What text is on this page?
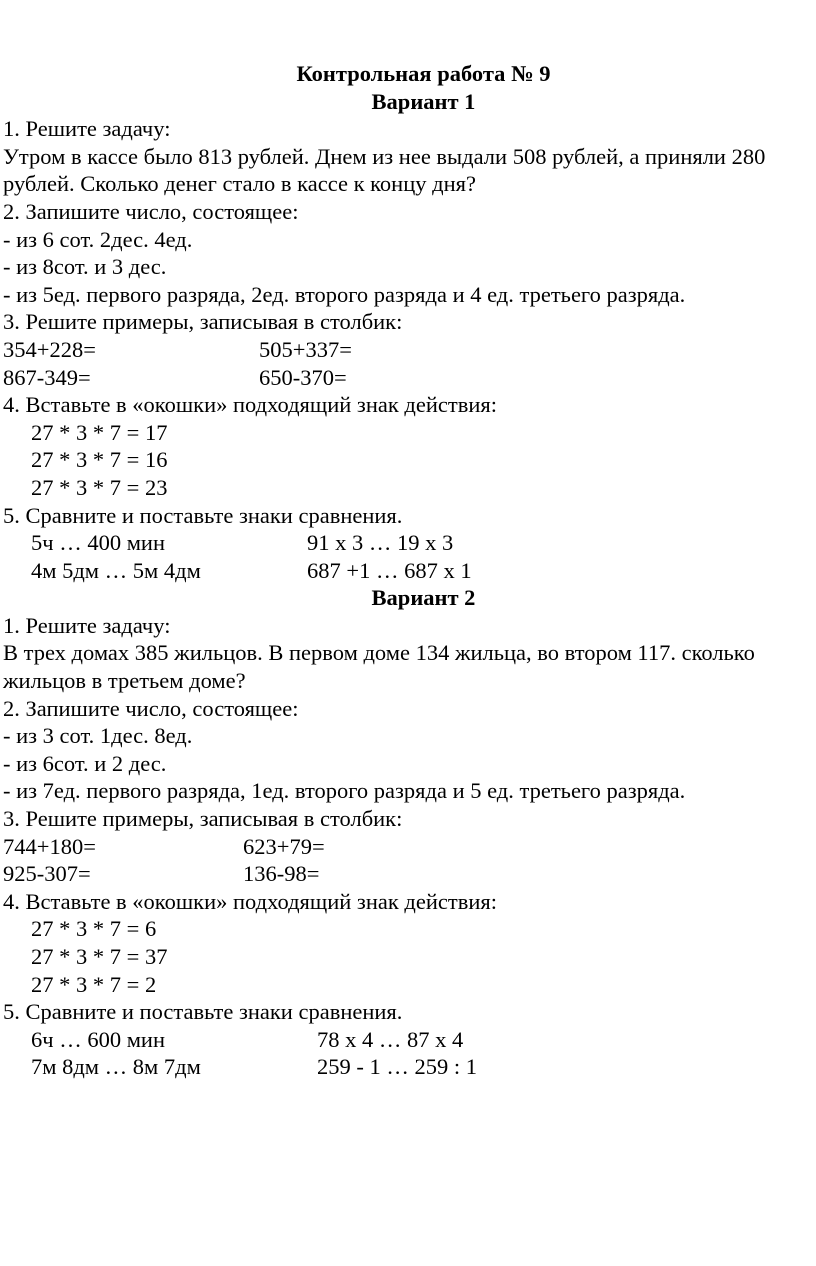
Контрольная работа № 9
Вариант 1
1. Решите задачу:
Утром в кассе было 813 рублей. Днем из нее выдали 508 рублей, а приняли 280 рублей. Сколько денег стало в кассе к концу дня?
2. Запишите число, состоящее:
- из 6 сот. 2дес. 4ед.
- из 8сот. и 3 дес.
- из 5ед. первого разряда, 2ед. второго разряда и 4 ед. третьего разряда.
3. Решите примеры, записывая в столбик:
354+228=	505+337=
867-349=	650-370=
4. Вставьте в «окошки» подходящий знак действия:
27 * 3 * 7 = 17
27 * 3 * 7 = 16
27 * 3 * 7 = 23
5. Сравните и поставьте знаки сравнения.
5ч … 400 мин	91 х 3 … 19 х 3
4м 5дм … 5м 4дм	687 +1 … 687 х 1
Вариант 2
1. Решите задачу:
В трех домах 385 жильцов. В первом доме 134 жильца, во втором 117. сколько жильцов в третьем доме?
2. Запишите число, состоящее:
- из 3 сот. 1дес. 8ед.
- из 6сот. и 2 дес.
- из 7ед. первого разряда, 1ед. второго разряда и 5 ед. третьего разряда.
3. Решите примеры, записывая в столбик:
744+180=	623+79=
925-307=	136-98=
4. Вставьте в «окошки» подходящий знак действия:
27 * 3 * 7 = 6
27 * 3 * 7 = 37
27 * 3 * 7 = 2
5. Сравните и поставьте знаки сравнения.
6ч … 600 мин	78 х 4 … 87 х 4
7м 8дм … 8м 7дм	259 - 1 … 259 : 1
